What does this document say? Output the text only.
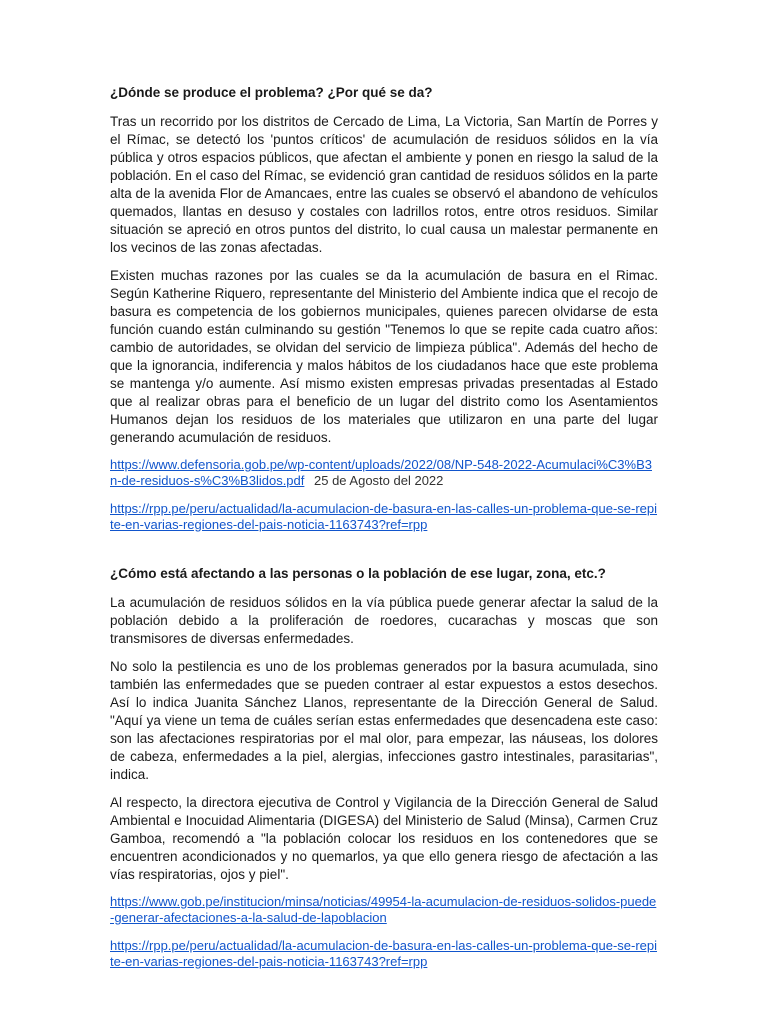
¿Dónde se produce el problema? ¿Por qué se da?

Tras un recorrido por los distritos de Cercado de Lima, La Victoria, San Martín de Porres y el Rímac, se detectó los 'puntos críticos' de acumulación de residuos sólidos en la vía pública y otros espacios públicos, que afectan el ambiente y ponen en riesgo la salud de la población. En el caso del Rímac, se evidenció gran cantidad de residuos sólidos en la parte alta de la avenida Flor de Amancaes, entre las cuales se observó el abandono de vehículos quemados, llantas en desuso y costales con ladrillos rotos, entre otros residuos. Similar situación se apreció en otros puntos del distrito, lo cual causa un malestar permanente en los vecinos de las zonas afectadas.

Existen muchas razones por las cuales se da la acumulación de basura en el Rimac. Según Katherine Riquero, representante del Ministerio del Ambiente indica que el recojo de basura es competencia de los gobiernos municipales, quienes parecen olvidarse de esta función cuando están culminando su gestión "Tenemos lo que se repite cada cuatro años: cambio de autoridades, se olvidan del servicio de limpieza pública". Además del hecho de que la ignorancia, indiferencia y malos hábitos de los ciudadanos hace que este problema se mantenga y/o aumente. Así mismo existen empresas privadas presentadas al Estado que al realizar obras para el beneficio de un lugar del distrito como los Asentamientos Humanos dejan los residuos de los materiales que utilizaron en una parte del lugar generando acumulación de residuos.

https://www.defensoria.gob.pe/wp-content/uploads/2022/08/NP-548-2022-Acumulaci%C3%B3n-de-residuos-s%C3%B3lidos.pdf 25 de Agosto del 2022
https://rpp.pe/peru/actualidad/la-acumulacion-de-basura-en-las-calles-un-problema-que-se-repite-en-varias-regiones-del-pais-noticia-1163743?ref=rpp
¿Cómo está afectando a las personas o la población de ese lugar, zona, etc.?

La acumulación de residuos sólidos en la vía pública puede generar afectar la salud de la población debido a la proliferación de roedores, cucarachas y moscas que son transmisores de diversas enfermedades.

No solo la pestilencia es uno de los problemas generados por la basura acumulada, sino también las enfermedades que se pueden contraer al estar expuestos a estos desechos. Así lo indica Juanita Sánchez Llanos, representante de la Dirección General de Salud. "Aquí ya viene un tema de cuáles serían estas enfermedades que desencadena este caso: son las afectaciones respiratorias por el mal olor, para empezar, las náuseas, los dolores de cabeza, enfermedades a la piel, alergias, infecciones gastro intestinales, parasitarias", indica.

Al respecto, la directora ejecutiva de Control y Vigilancia de la Dirección General de Salud Ambiental e Inocuidad Alimentaria (DIGESA) del Ministerio de Salud (Minsa), Carmen Cruz Gamboa, recomendó a "la población colocar los residuos en los contenedores que se encuentren acondicionados y no quemarlos, ya que ello genera riesgo de afectación a las vías respiratorias, ojos y piel".

https://www.gob.pe/institucion/minsa/noticias/49954-la-acumulacion-de-residuos-solidos-puede-generar-afectaciones-a-la-salud-de-lapoblacion
https://rpp.pe/peru/actualidad/la-acumulacion-de-basura-en-las-calles-un-problema-que-se-repite-en-varias-regiones-del-pais-noticia-1163743?ref=rpp
